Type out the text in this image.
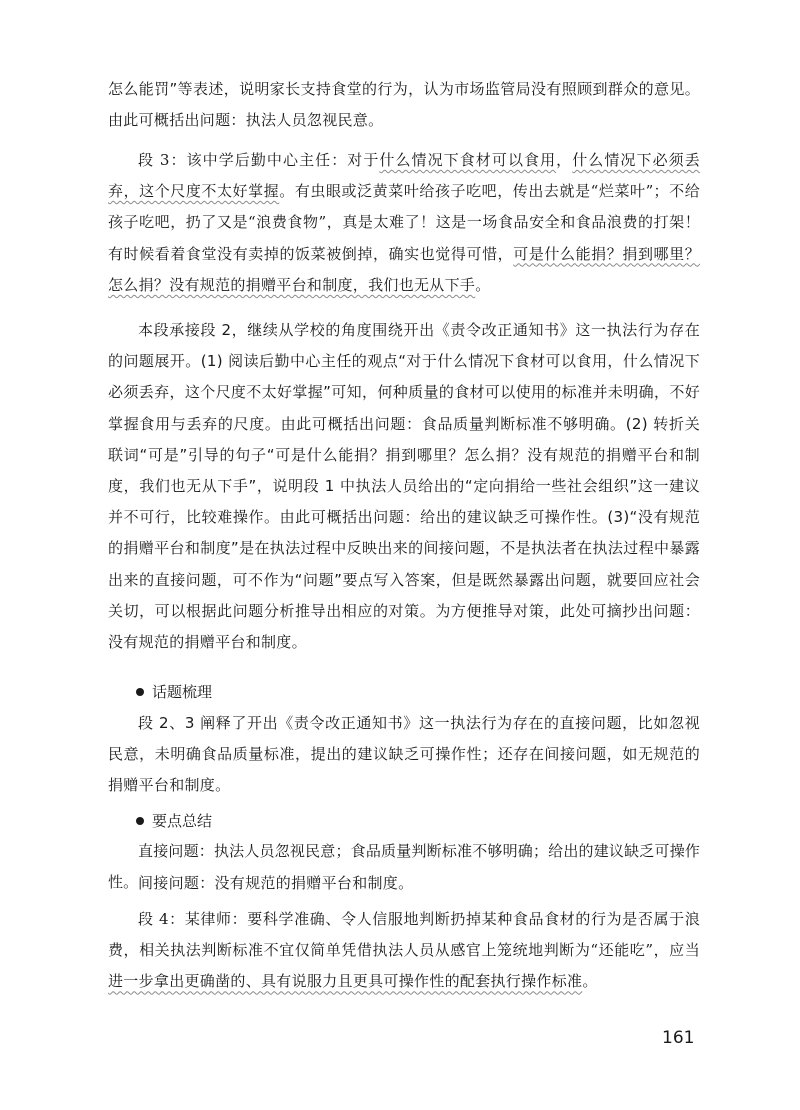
怎么能罚”等表述，说明家长支持食堂的行为，认为市场监管局没有照顾到群众的意见。由此可概括出问题：执法人员忽视民意。

段 3：该中学后勤中心主任：对于什么情况下食材可以食用，什么情况下必须丢弃，这个尺度不太好掌握。有虫眼或泛黄菜叶给孩子吃吧，传出去就是“烂菜叶”；不给孩子吃吧，扔了又是“浪费食物”，真是太难了！这是一场食品安全和食品浪费的打架！有时候看着食堂没有卖掉的饭菜被倒掉，确实也觉得可惜，可是什么能捐？捐到哪里？怎么捐？没有规范的捐赠平台和制度，我们也无从下手。

本段承接段 2，继续从学校的角度围绕开出《责令改正通知书》这一执法行为存在的问题展开。(1) 阅读后勤中心主任的观点“对于什么情况下食材可以食用，什么情况下必须丢弃，这个尺度不太好掌握”可知，何种质量的食材可以使用的标准并未明确，不好掌握食用与丢弃的尺度。由此可概括出问题：食品质量判断标准不够明确。(2) 转折关联词“可是”引导的句子“可是什么能捐？捐到哪里？怎么捐？没有规范的捐赠平台和制度，我们也无从下手”，说明段 1 中执法人员给出的“定向捐给一些社会组织”这一建议并不可行，比较难操作。由此可概括出问题：给出的建议缺乏可操作性。(3)“没有规范的捐赠平台和制度”是在执法过程中反映出来的间接问题，不是执法者在执法过程中暴露出来的直接问题，可不作为“问题”要点写入答案，但是既然暴露出问题，就要回应社会关切，可以根据此问题分析推导出相应的对策。为方便推导对策，此处可摘抄出问题：没有规范的捐赠平台和制度。

话题梳理

段 2、3 阐释了开出《责令改正通知书》这一执法行为存在的直接问题，比如忽视民意，未明确食品质量标准，提出的建议缺乏可操作性；还存在间接问题，如无规范的捐赠平台和制度。

要点总结

直接问题：执法人员忽视民意；食品质量判断标准不够明确；给出的建议缺乏可操作性。 间接问题：没有规范的捐赠平台和制度。

段 4：某律师：要科学准确、令人信服地判断扔掉某种食品食材的行为是否属于浪费，相关执法判断标准不宜仅简单凭借执法人员从感官上笼统地判断为“还能吃”，应当进一步拿出更确凿的、具有说服力且更具可操作性的配套执行操作标准。

161
